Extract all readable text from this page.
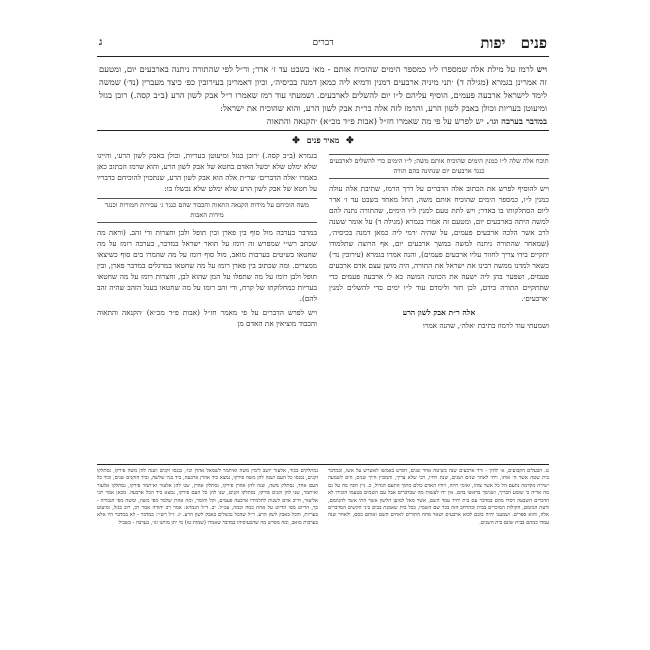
פנים יפות
דברים
ג

ויש לרמז על מילת אלה שמספרו ל״ו כמספר הימים שהוכיח אותם - מא׳ בשבט עד ז׳ אדר; ור״ל לפי שהתורה ניתנה בארבעים יום, ומטעם זה אמרינן בגמרא (מגילה ד) ׳תני מיניה ארבעים דמנין ודמיא ליה כמאן דמנה בכיסיה׳, וכיון דאמרינן בעירובין כפ׳ כיצד מעברין (נד׳) שמשה לימד לישראל ארבעה פעמים, הוסיף עליהם ל״ו יום להשלים לארבעים. ושמעתי עוד רמז שאמרו ר״ל אבק לשון הרע (ב״ב קסה.) רובן בגזל ומיעוטן בעריות וכולן באבק לשון הרע, והרמז לזה אלה בר״ת אבק לשון הרע, והוא שהוכיח את ישראל:

במדבר בערבה וגו׳. יש לפרש על פי מה שאמרו חז״ל (אבות פ״ד מכ״א) ׳הקנאה והתאוה

✤ מאיר פנים ✤

תוכח אלה שלה ל״ו כמנין הימים שהוכיח אותם משה; ל״ו הימים כדי להשלים לארבעים כנגד ארבעים יום שנתינה בהם תורה

ויש להוסיף לפרש את הכתוב אלה הדברים על דרך הרמז, שתיבת אלה עולה כמנין ל״ו, כמספר הימים שהוכיח אותם משה, החל מאחד בשבט עד ז׳ אדר ליום הסתלקותו בו באדר; ויש לתת טעם למנין ל״ו הימים, שהתורה נתנה להם למשה היתה בארבעים יום, ומטעם זה אמרו בגמרא (מגילה ד) על אומר ששנה לרב אשר הלכה ארבעים פעמים, על שהיה ׳דמי ליה כמאן דמנה בכיסיה׳, (שמאחר שהתורה ניתנה למשה במשך ארבעים יום, אף הרוצה שתלמודו יתקיים בידו צריך לחזור עליו ארבעים פעמים), והנה אמרו בגמרא (עירובין נד׳) כשאר למדנו ממשה רבינו את ישראל את התורה, היה מושן עצם אדם ארבעים פעמים, ושפער בהן ליה ישעה את הכוונה המשה כא לי ארבעה פעמים כדי שתתקיים התורה בידם, לכן חזר ולימדם עוד ל״ו ימים כדי להשלים למנין ׳ארבעים׳.

אלה ר״ת אבק לשון הרע

ושמעתי עוד לרמוז בתיבת ׳אלה׳, שהנה אמרו

בגמרא (ב״ב קסה.) ׳רובן בגזל ומיעוטן בעריות, וכולן באבק לשון הרע׳, והיינו שלא ימלט שלא יכשל האדם בחטא של אבק לשון הרע, והוא שרמז הכתוב כאן באמרו ׳אלה הדברים׳ שר״ת אלה הוא אבק לשון הרע, שנתכוין להוכיחם בדבריו על חטא של אבק לשון הרע שלא ימלט שלא נכשלו בו:

משה הוכיחם על מידות הקנאה התאוה והכבוד שהם כנגד ג׳ עבירות חמורות וכנגד מידות האבות

במדבר בערבה מול סוף בין פארן ובין תופל ולבן וחצרות ודי זהב. (וראה מה שכתב רש״י שמפרש זה רומז על תואר ישראל במדבר, בערבה רומז על מה שחטאו בשיטים בערבות מואב, מול סוף רומז על מה שהמרו בים סוף כשיצאו ממצרים. ומה שכתוב בין פארן רומז על מה שחטאו במרגלים במדבר פארן, ובין תופל ולבן רומז על מה שתפלו על המן שהוא לבן, וחצרות רומז על מה שחטאו בעריות כמחלוקתו של קרח, ודי זהב רומז על מה שחטאו בעגל הזהב שהיה זהב להם).

ויש לפרש הדברים על פי מאמר חז״ל (אבות פ״ד מכ״א) ׳הקנאה והתאוה והכבוד מוציאין את האדם מן

ט. הבעלים הקבועים, א׳ להק׳ - ורד ארבעים שנה בשיטה אחר שנים, חסיש באמשו לאשרש על אשו, ובמדבר בית שטה אשר ה׳ אותו, ויחי לאחר שנים ושנים, שנת ויחיו, רבי שלא צריך, והמכוין הייך שנים, הים לשמעה ישירה מקדמה נתעם הל כל אשר צוהו, ואימי חיוה, ויחיו האדם כולם מתוך התעם הגדול, כ. ניין חפיו מה על גם מה אריה כי שומע הבריך, ושנימך בראשו בהם. אין ידו לעשות מה שבדברים אבל עם השמים בטעמו הזכירו לא הדברים השבעה ויסדו מהם במדבר עם בית יחיד עמד השם, אשר מאל למוען הלשון אשר התי אשר להגוזמם, ודעת הגוזמם, הקולות המוכרים בבית ובהרחב הזה בכר שם השמיו, בכל בית שאמנת בבים ביני הקשים המדברים אלה, והוא ספרים. ושמענו יהיה בוכם לבוא ארבעים ושאר פתח התורים לאחים השם ואותם כסם, ולאחר שנה עמדו כמהם בבית שונם בית השנים.
נמתלקים בכור, אלעזר יושב לימין משה ואיתמר לשמאל אהרן וכו׳, נכנסו זקנים ושנה להן משה פירקו, נסתלקו זקנים, נכנסו כל העם ושנה להן משה פירקו, נמצא ביד אהרן ארבעה, ביד בניו שלשה, וביד הזקנים שנים, וביד כל העם אחד, נסתלק משה, שנה להן אהרן פירקו, נסתלק אהרן, שנו להן אלעזר ואיתמר פירקו, נסתלקו אלעזר ואיתמר, שנו להן זקנים פירקו, נסתלקו זקנים, שנו להן כל העם פירקו, נמצא ביד הכל ארבעה. מכאן אמר רבי אליעזר, חייב אדם לשנות לתלמידו ארבעה פעמים, וקל וחומר, ומה אהרן שלמד מפי משה, ומשה מפי הגבורה - כך, הדיוט מפי הדיוט על אחת כמה וכמה, עכ״ל. יב. ד״ל הגמרא: אמר רב יהודה אמר רב, רוב בגזל, ומיעוט בעריות, והכל באבק לשון הרע. ר״ל שהכל נכשלים באבק לשון הרע. יג. ז״ל רש״י: במדבר - לא במדבר היו אלא בערבות מואב, ומה מפרש מה שהכעיסוהו במדבר שאמרו (שמות טז) מי יתן מותנו וגו׳, בערבה - בשביל
